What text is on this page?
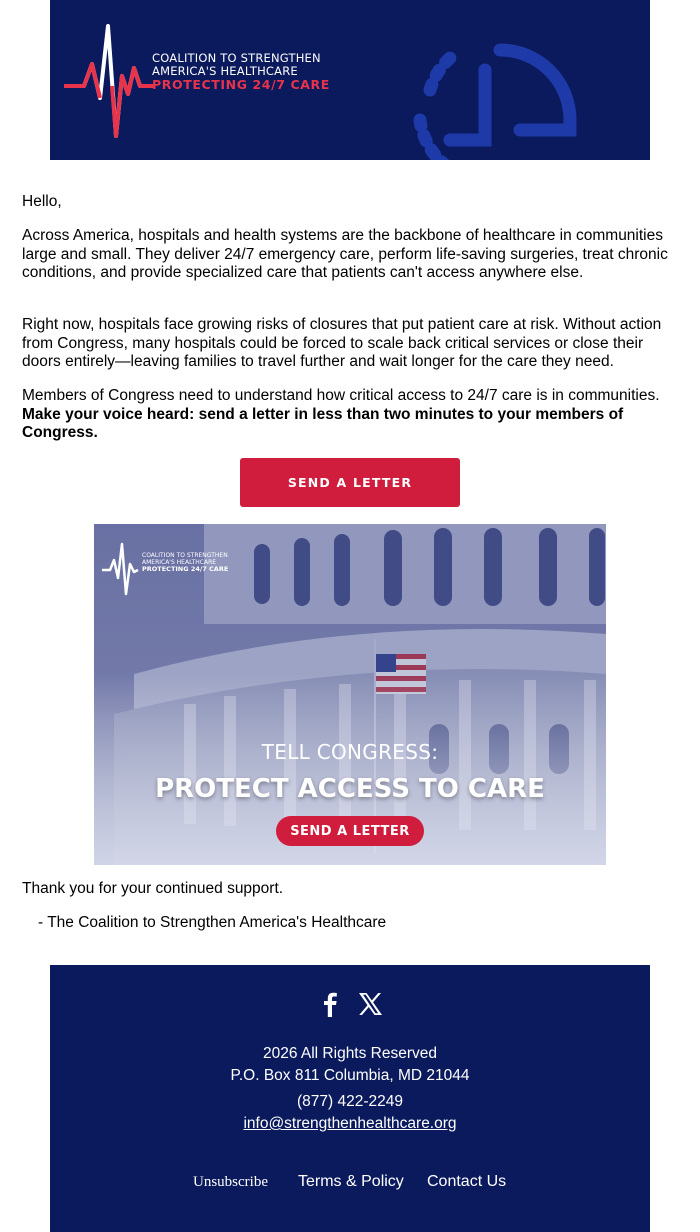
COALITION TO STRENGTHEN
AMERICA'S HEALTHCARE
PROTECTING 24/7 CARE

Hello,

Across America, hospitals and health systems are the backbone of healthcare in communities large and small. They deliver 24/7 emergency care, perform life-saving surgeries, treat chronic conditions, and provide specialized care that patients can't access anywhere else.

Right now, hospitals face growing risks of closures that put patient care at risk. Without action from Congress, many hospitals could be forced to scale back critical services or close their doors entirely—leaving families to travel further and wait longer for the care they need.

Members of Congress need to understand how critical access to 24/7 care is in communities. Make your voice heard: send a letter in less than two minutes to your members of Congress.

SEND A LETTER
COALITION TO STRENGTHEN
AMERICA'S HEALTHCARE
PROTECTING 24/7 CARE
TELL CONGRESS:
PROTECT ACCESS TO CARE
SEND A LETTER
Thank you for your continued support.
- The Coalition to Strengthen America's Healthcare
2026 All Rights Reserved
P.O. Box 811 Columbia, MD 21044
(877) 422-2249
info@strengthenhealthcare.org
Unsubscribe Terms & Policy Contact Us
